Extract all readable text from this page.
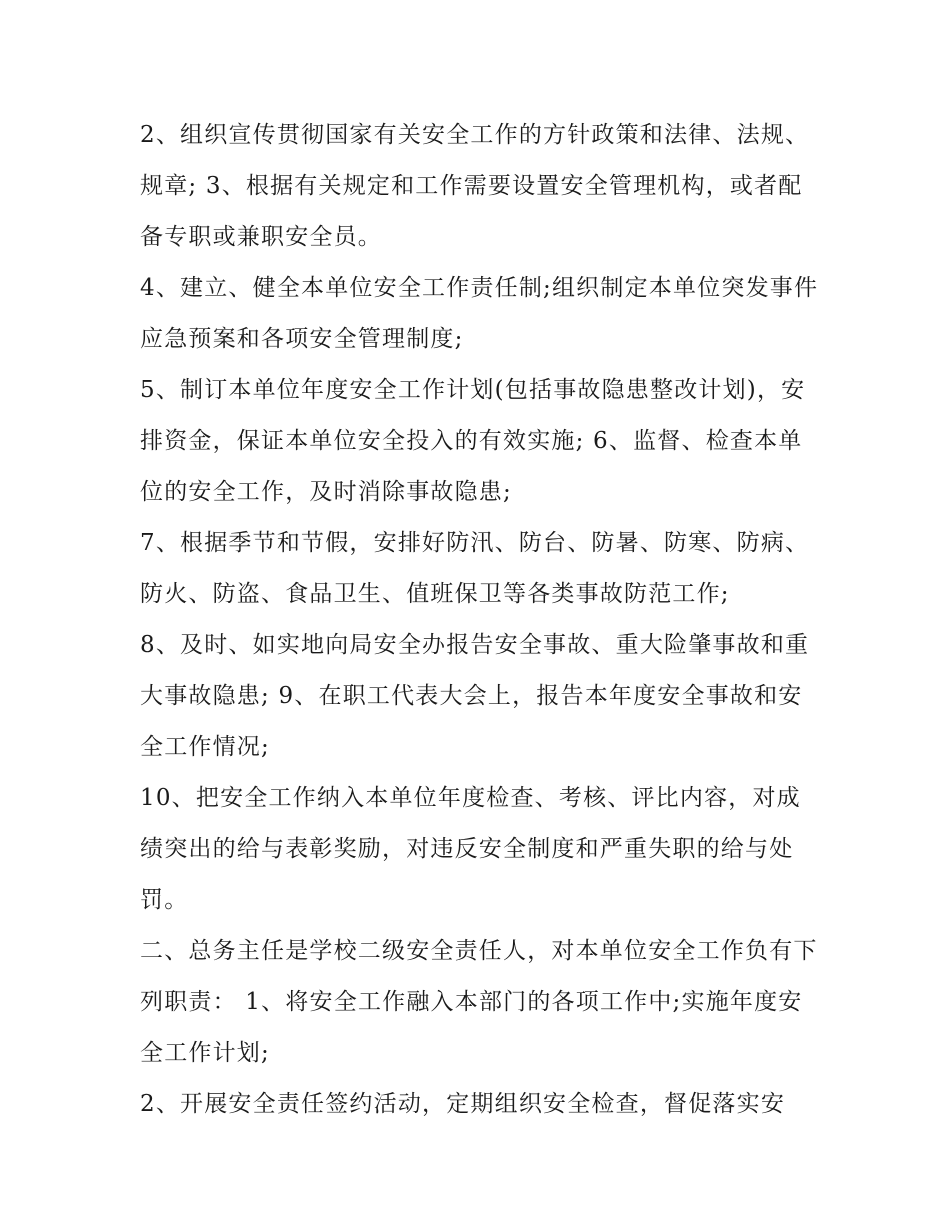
2、组织宣传贯彻国家有关安全工作的方针政策和法律、法规、规章; 3、根据有关规定和工作需要设置安全管理机构，或者配备专职或兼职安全员。

4、建立、健全本单位安全工作责任制;组织制定本单位突发事件应急预案和各项安全管理制度;

5、制订本单位年度安全工作计划(包括事故隐患整改计划)，安排资金，保证本单位安全投入的有效实施; 6、监督、检查本单位的安全工作，及时消除事故隐患;

7、根据季节和节假，安排好防汛、防台、防暑、防寒、防病、防火、防盗、食品卫生、值班保卫等各类事故防范工作;

8、及时、如实地向局安全办报告安全事故、重大险肇事故和重大事故隐患; 9、在职工代表大会上，报告本年度安全事故和安全工作情况;

10、把安全工作纳入本单位年度检查、考核、评比内容，对成绩突出的给与表彰奖励，对违反安全制度和严重失职的给与处罚。

二、总务主任是学校二级安全责任人，对本单位安全工作负有下列职责： 1、将安全工作融入本部门的各项工作中;实施年度安全工作计划;

2、开展安全责任签约活动，定期组织安全检查，督促落实安
